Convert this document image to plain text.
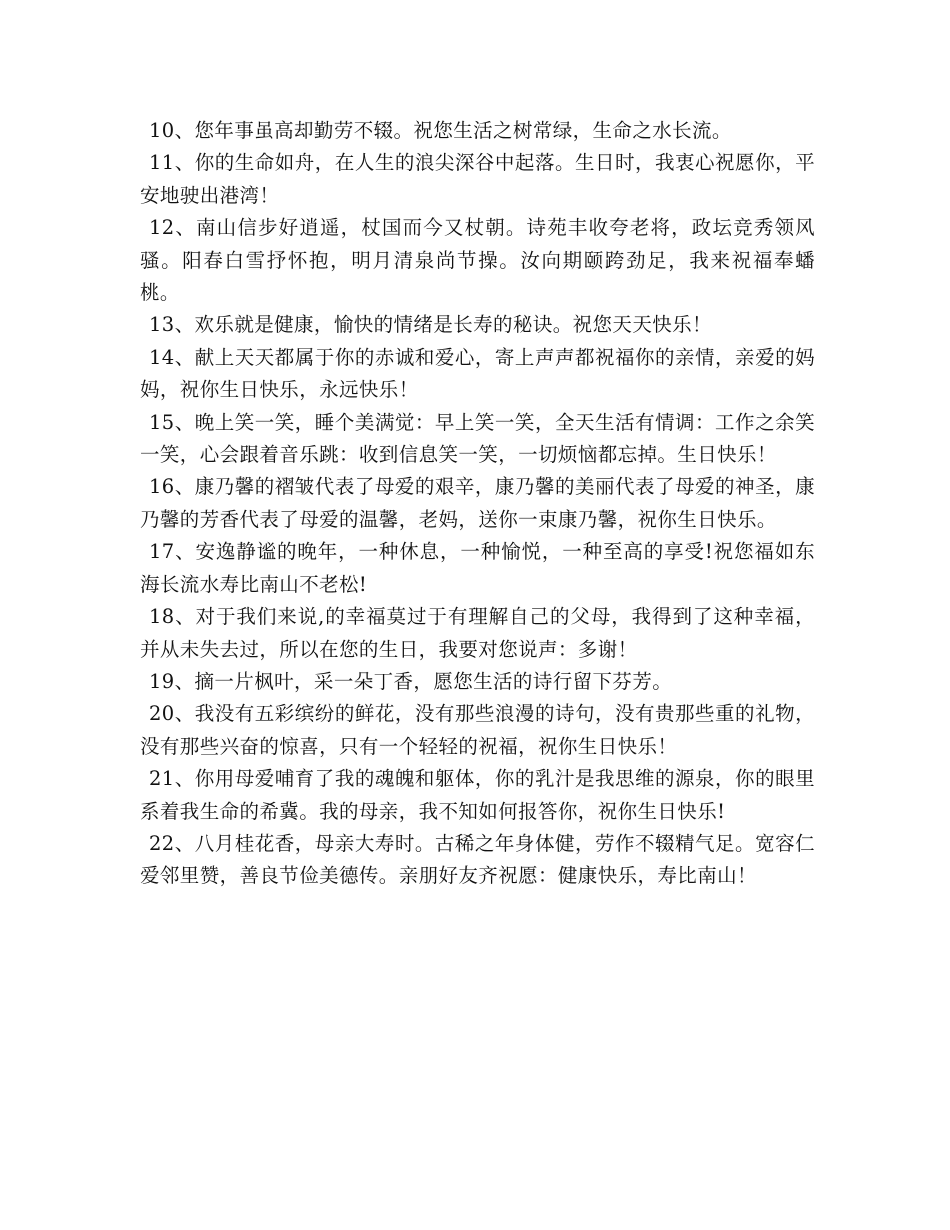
10、您年事虽高却勤劳不辍。祝您生活之树常绿，生命之水长流。

11、你的生命如舟，在人生的浪尖深谷中起落。生日时，我衷心祝愿你，平安地驶出港湾！

12、南山信步好逍遥，杖国而今又杖朝。诗苑丰收夸老将，政坛竞秀领风骚。阳春白雪抒怀抱，明月清泉尚节操。汝向期颐跨劲足，我来祝福奉蟠桃。

13、欢乐就是健康，愉快的情绪是长寿的秘诀。祝您天天快乐！

14、献上天天都属于你的赤诚和爱心，寄上声声都祝福你的亲情，亲爱的妈妈，祝你生日快乐，永远快乐！

15、晚上笑一笑，睡个美满觉：早上笑一笑，全天生活有情调：工作之余笑一笑，心会跟着音乐跳：收到信息笑一笑，一切烦恼都忘掉。生日快乐！

16、康乃馨的褶皱代表了母爱的艰辛，康乃馨的美丽代表了母爱的神圣，康乃馨的芳香代表了母爱的温馨，老妈，送你一束康乃馨，祝你生日快乐。

17、安逸静谧的晚年，一种休息，一种愉悦，一种至高的享受!祝您福如东海长流水寿比南山不老松!

18、对于我们来说,的幸福莫过于有理解自己的父母，我得到了这种幸福，并从未失去过，所以在您的生日，我要对您说声：多谢！

19、摘一片枫叶，采一朵丁香，愿您生活的诗行留下芬芳。

20、我没有五彩缤纷的鲜花，没有那些浪漫的诗句，没有贵那些重的礼物，没有那些兴奋的惊喜，只有一个轻轻的祝福，祝你生日快乐！

21、你用母爱哺育了我的魂魄和躯体，你的乳汁是我思维的源泉，你的眼里系着我生命的希冀。我的母亲，我不知如何报答你，祝你生日快乐!

22、八月桂花香，母亲大寿时。古稀之年身体健，劳作不辍精气足。宽容仁爱邻里赞，善良节俭美德传。亲朋好友齐祝愿：健康快乐，寿比南山！
